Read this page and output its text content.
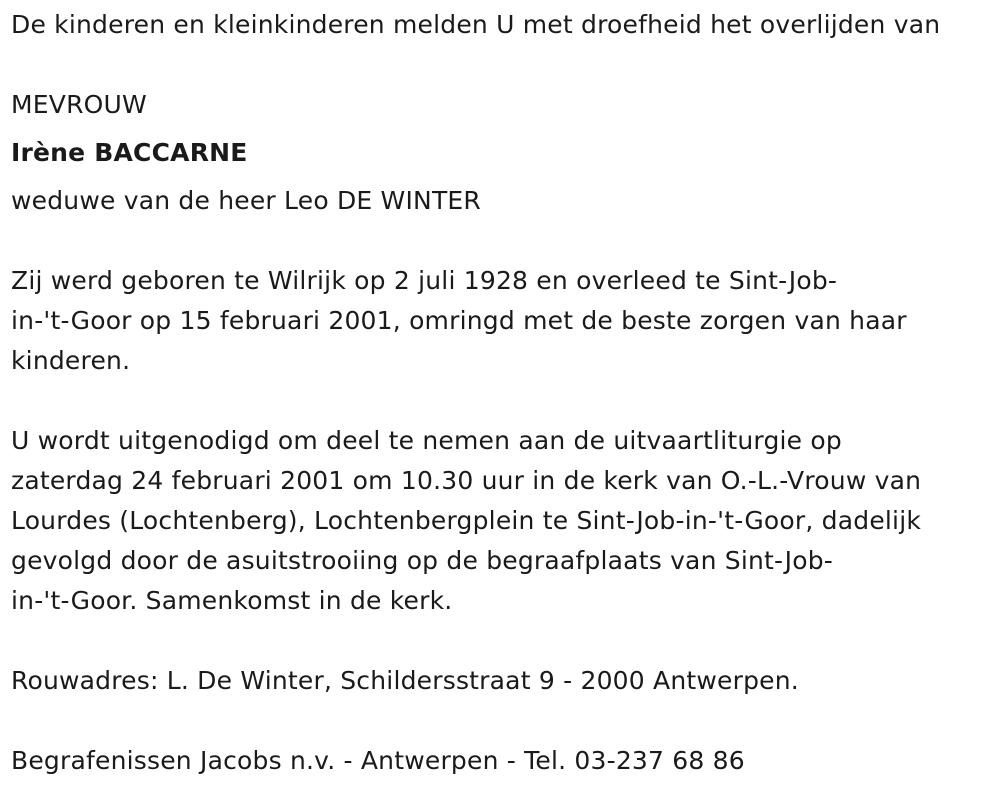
De kinderen en kleinkinderen melden U met droefheid het overlijden van
MEVROUW
Irène BACCARNE
weduwe van de heer Leo DE WINTER
Zij werd geboren te Wilrijk op 2 juli 1928 en overleed te Sint-Job-
in-'t-Goor op 15 februari 2001, omringd met de beste zorgen van haar
kinderen.
U wordt uitgenodigd om deel te nemen aan de uitvaartliturgie op
zaterdag 24 februari 2001 om 10.30 uur in de kerk van O.-L.-Vrouw van
Lourdes (Lochtenberg), Lochtenbergplein te Sint-Job-in-'t-Goor, dadelijk
gevolgd door de asuitstrooiing op de begraafplaats van Sint-Job-
in-'t-Goor. Samenkomst in de kerk.
Rouwadres: L. De Winter, Schildersstraat 9 - 2000 Antwerpen.
Begrafenissen Jacobs n.v. - Antwerpen - Tel. 03-237 68 86
